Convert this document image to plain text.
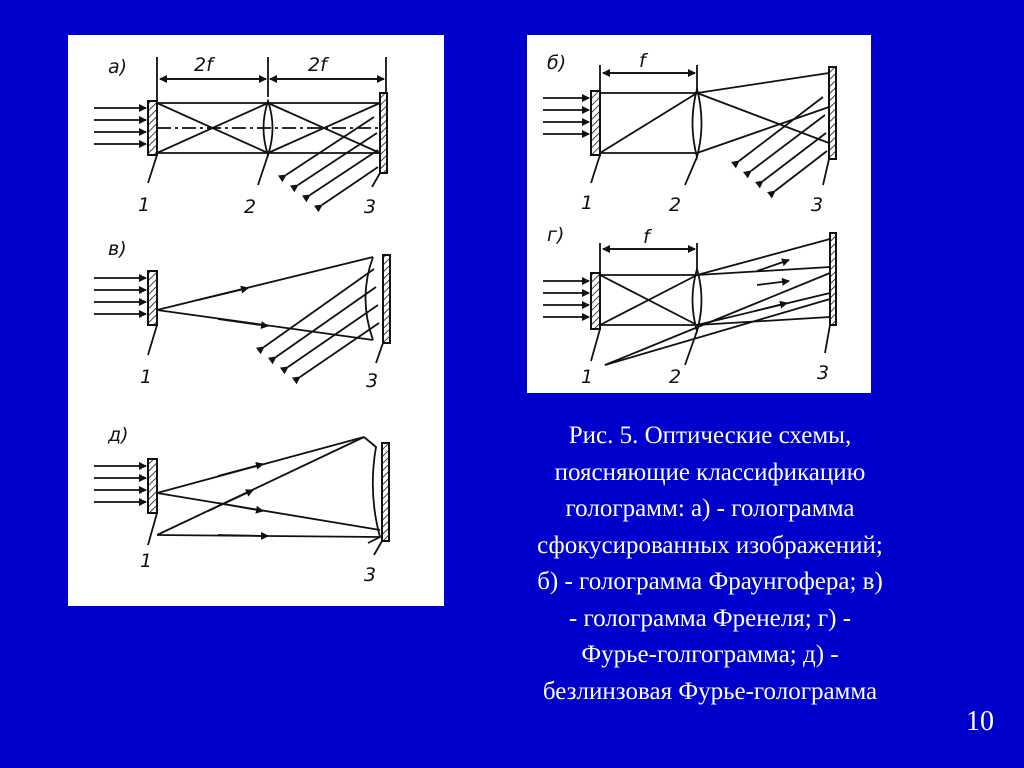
а)	2f	2f
1	2	3
в)
1	3
д)
1
3
б)	f
1	2	3
г)	f
1	2	3

Рис. 5. Оптические схемы,
поясняющие классификацию
голограмм: а) - голограмма
сфокусированных изображений;
б) - голограмма Фраунгофера; в)
- голограмма Френеля; г) -
Фурье-голгограмма; д) -
безлинзовая Фурье-голограмма

10
